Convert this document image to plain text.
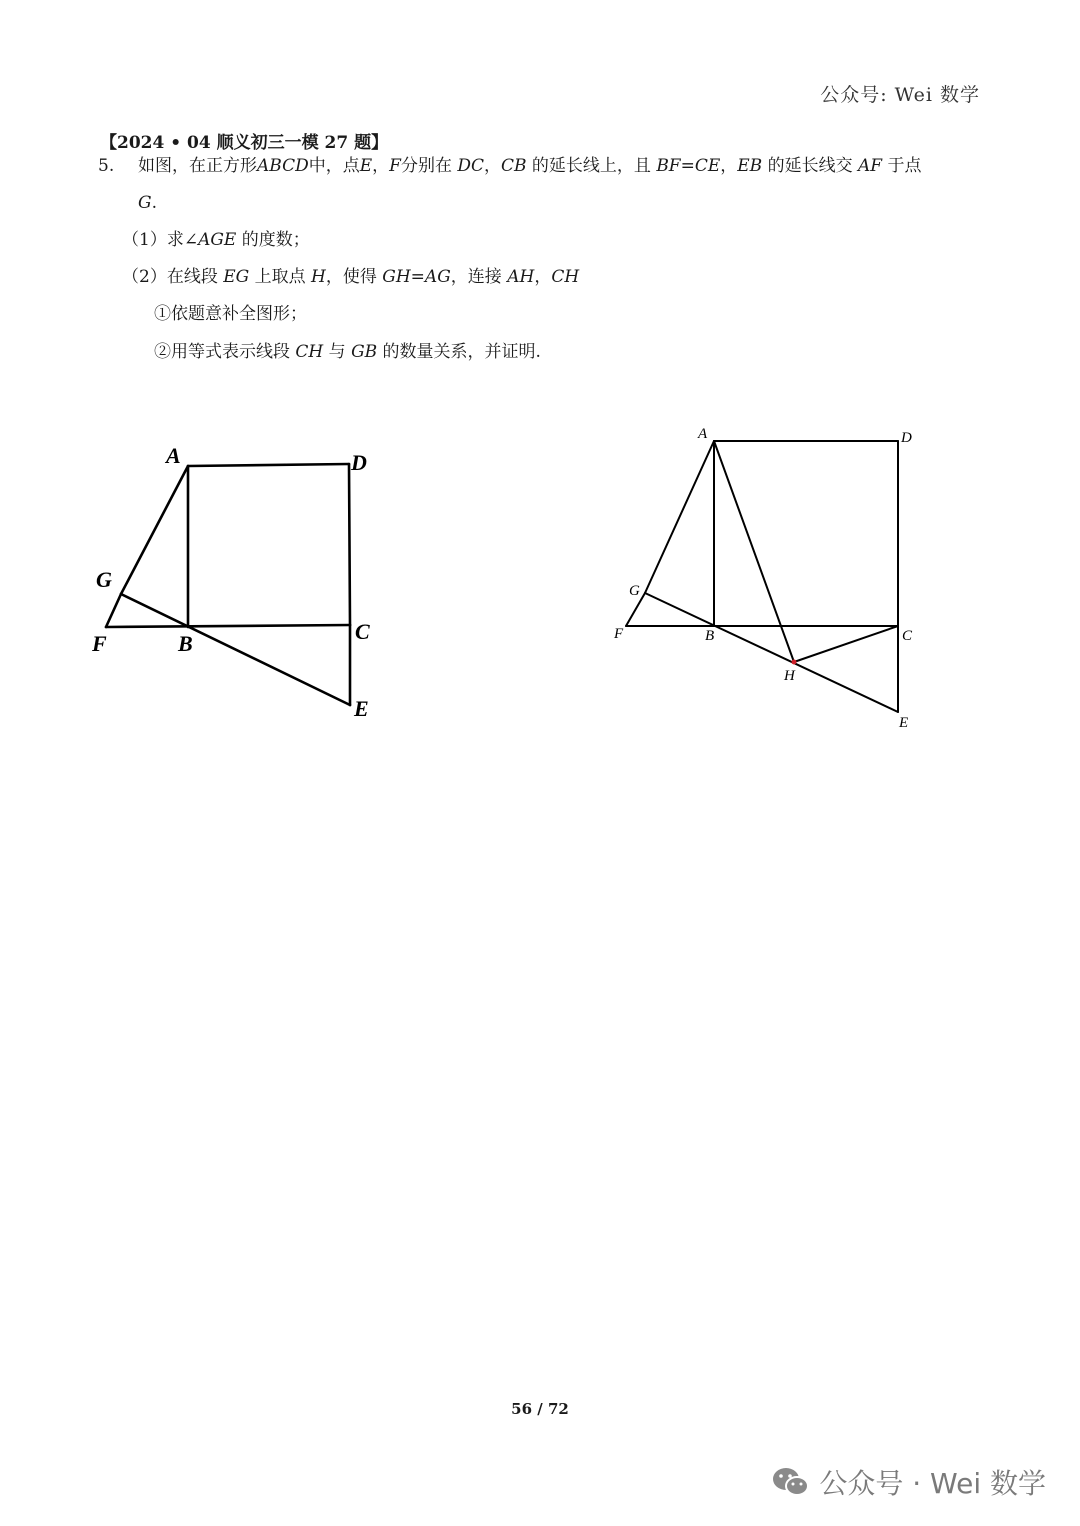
公众号: Wei 数学
【2024 • 04 顺义初三一模 27 题】
5. 如图，在正方形ABCD中，点E，F分别在 DC，CB 的延长线上，且 BF=CE，EB 的延长线交 AF 于点
G.
（1）求∠AGE 的度数；
（2）在线段 EG 上取点 H，使得 GH=AG，连接 AH，CH
①依题意补全图形；
②用等式表示线段 CH 与 GB 的数量关系，并证明.
A	D
G
F	B	C
E
A	D
G
F	B	C
H
E
56 / 72
公众号 · Wei 数学
